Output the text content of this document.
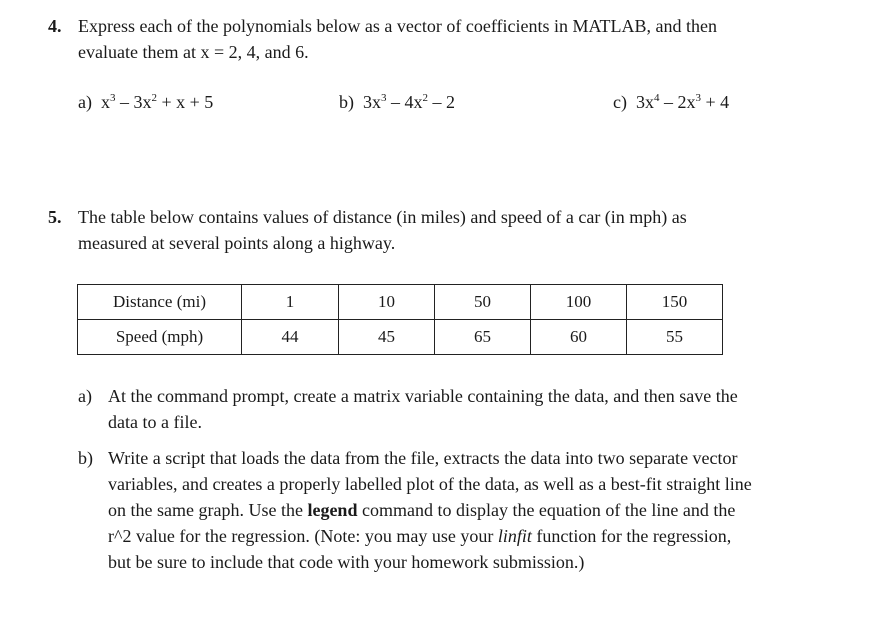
4. Express each of the polynomials below as a vector of coefficients in MATLAB, and then
evaluate them at x = 2, 4, and 6.
a)  $x^3 - 3x^2 + x + 5$	b)  $3x^3 - 4x^2 - 2$	c)  $3x^4 - 2x^3 + 4$
5. The table below contains values of distance (in miles) and speed of a car (in mph) as
measured at several points along a highway.
Distance (mi)	1	10	50	100	150
Speed (mph)	44	45	65	60	55
a) At the command prompt, create a matrix variable containing the data, and then save the
data to a file.
b) Write a script that loads the data from the file, extracts the data into two separate vector
variables, and creates a properly labelled plot of the data, as well as a best-fit straight line
on the same graph. Use the legend command to display the equation of the line and the
r^2 value for the regression. (Note: you may use your linfit function for the regression,
but be sure to include that code with your homework submission.)
